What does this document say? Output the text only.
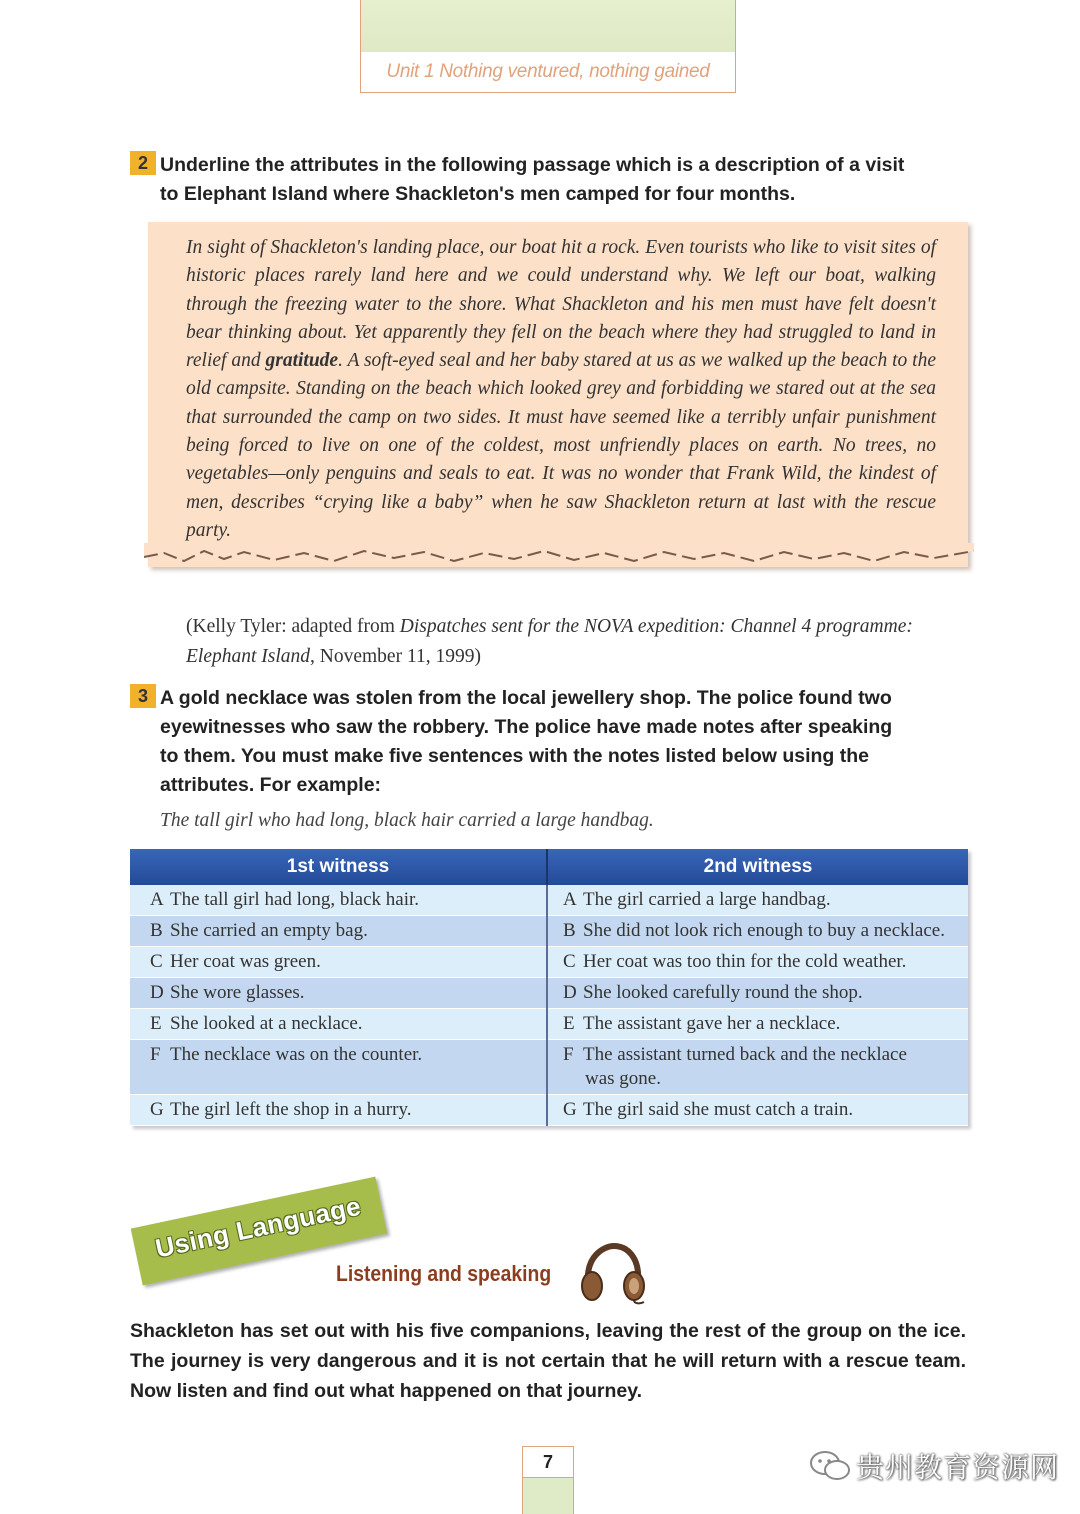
Unit 1 Nothing ventured, nothing gained
2 Underline the attributes in the following passage which is a description of a visit
to Elephant Island where Shackleton's men camped for four months.
In sight of Shackleton's landing place, our boat hit a rock. Even tourists who like to visit sites of historic places rarely land here and we could understand why. We left our boat, walking through the freezing water to the shore. What Shackleton and his men must have felt doesn't bear thinking about. Yet apparently they fell on the beach where they had struggled to land in relief and gratitude. A soft-eyed seal and her baby stared at us as we walked up the beach to the old campsite. Standing on the beach which looked grey and forbidding we stared out at the sea that surrounded the camp on two sides. It must have seemed like a terribly unfair punishment being forced to live on one of the coldest, most unfriendly places on earth. No trees, no vegetables—only penguins and seals to eat. It was no wonder that Frank Wild, the kindest of men, describes “crying like a baby” when he saw Shackleton return at last with the rescue party.
(Kelly Tyler: adapted from Dispatches sent for the NOVA expedition: Channel 4 programme: Elephant Island, November 11, 1999)
3 A gold necklace was stolen from the local jewellery shop. The police found two
eyewitnesses who saw the robbery. The police have made notes after speaking
to them. You must make five sentences with the notes listed below using the
attributes. For example:
The tall girl who had long, black hair carried a large handbag.
1st witness	2nd witness
A The tall girl had long, black hair.	A The girl carried a large handbag.
B She carried an empty bag.	B She did not look rich enough to buy a necklace.
C Her coat was green.	C Her coat was too thin for the cold weather.
D She wore glasses.	D She looked carefully round the shop.
E She looked at a necklace.	E The assistant gave her a necklace.
F The necklace was on the counter.	F The assistant turned back and the necklace
was gone.

G The girl left the shop in a hurry.	G The girl said she must catch a train.
Using Language
Listening and speaking
Shackleton has set out with his five companions, leaving the rest of the group on the ice. The journey is very dangerous and it is not certain that he will return with a rescue team. Now listen and find out what happened on that journey.
7	贵州教育资源网
